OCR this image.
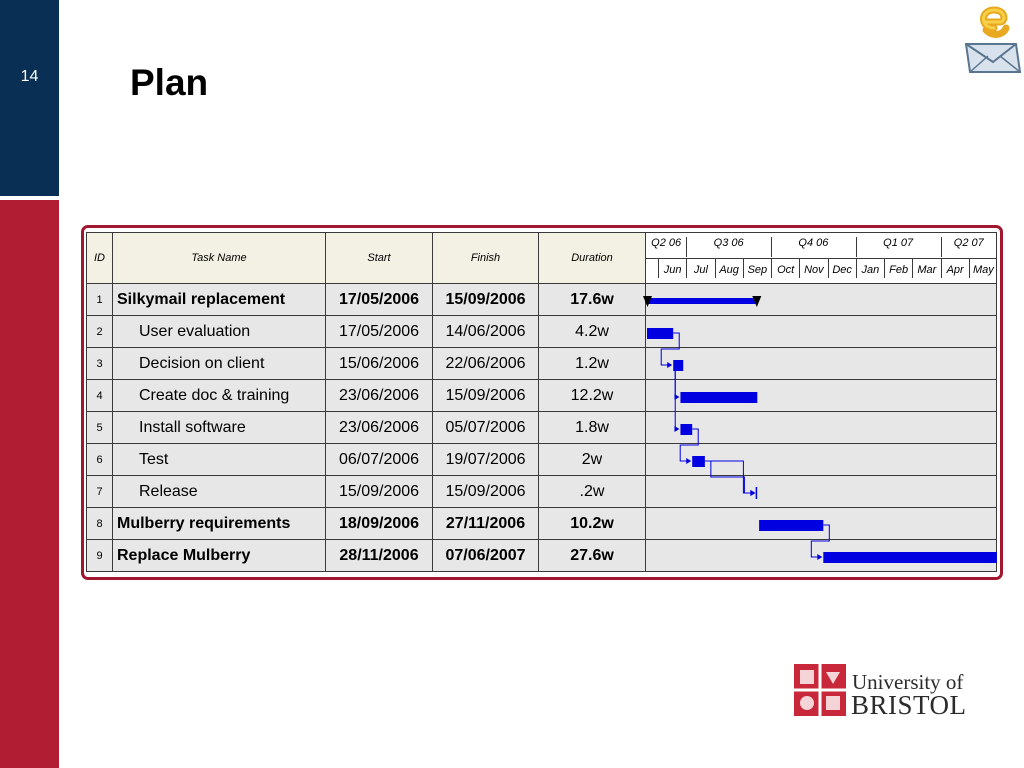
14	Plan
ID	Task Name	Start	Finish	Duration	
1	Silkymail replacement	17/05/2006	15/09/2006	17.6w	
2	User evaluation	17/05/2006	14/06/2006	4.2w	
3	Decision on client	15/06/2006	22/06/2006	1.2w	
4	Create doc & training	23/06/2006	15/09/2006	12.2w	
5	Install software	23/06/2006	05/07/2006	1.8w	
6	Test	06/07/2006	19/07/2006	2w	
7	Release	15/09/2006	15/09/2006	.2w	
8	Mulberry requirements	18/09/2006	27/11/2006	10.2w	
9	Replace Mulberry	28/11/2006	07/06/2007	27.6w	
Q2 06	Q3 06	Q4 06	Q1 07	Q2 07
Jun	Jul	Aug Sep Oct Nov Dec Jan Feb Mar Apr May
University of
BRISTOL
